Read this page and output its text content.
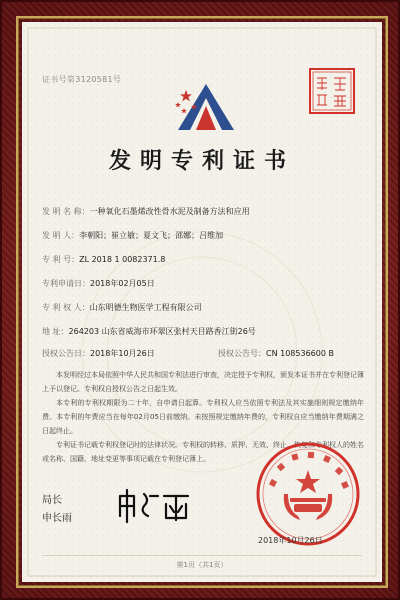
证书号第3120581号
发明专利证书
发 明 名 称：一种氧化石墨烯改性骨水泥及制备方法和应用
发 明 人：李朝阳；崔立敏；夏文飞；邵娜；吕维加
专 利 号：ZL 2018 1 0082371.8
专利申请日：2018年02月05日
专 利 权 人：山东明德生物医学工程有限公司
地 址：264203 山东省威海市环翠区张村天目路香江街26号
授权公告日：2018年10月26日	授权公告号：CN 108536600 B

本发明经过本局依照中华人民共和国专利法进行审查，决定授予专利权，颁发本证书并在专利登记簿上予以登记。专利权自授权公告之日起生效。

本专利的专利权期限为二十年，自申请日起算。专利权人应当依照专利法及其实施细则规定缴纳年费。本专利的年费应当在每年02月05日前缴纳。未按照规定缴纳年费的，专利权自应当缴纳年费期满之日起终止。

专利证书记载专利权登记时的法律状况。专利权的转移、质押、无效、终止、恢复和专利权人的姓名或名称、国籍、地址变更等事项记载在专利登记簿上。

局长
申长雨
2018年10月26日
第1页（共1页）
